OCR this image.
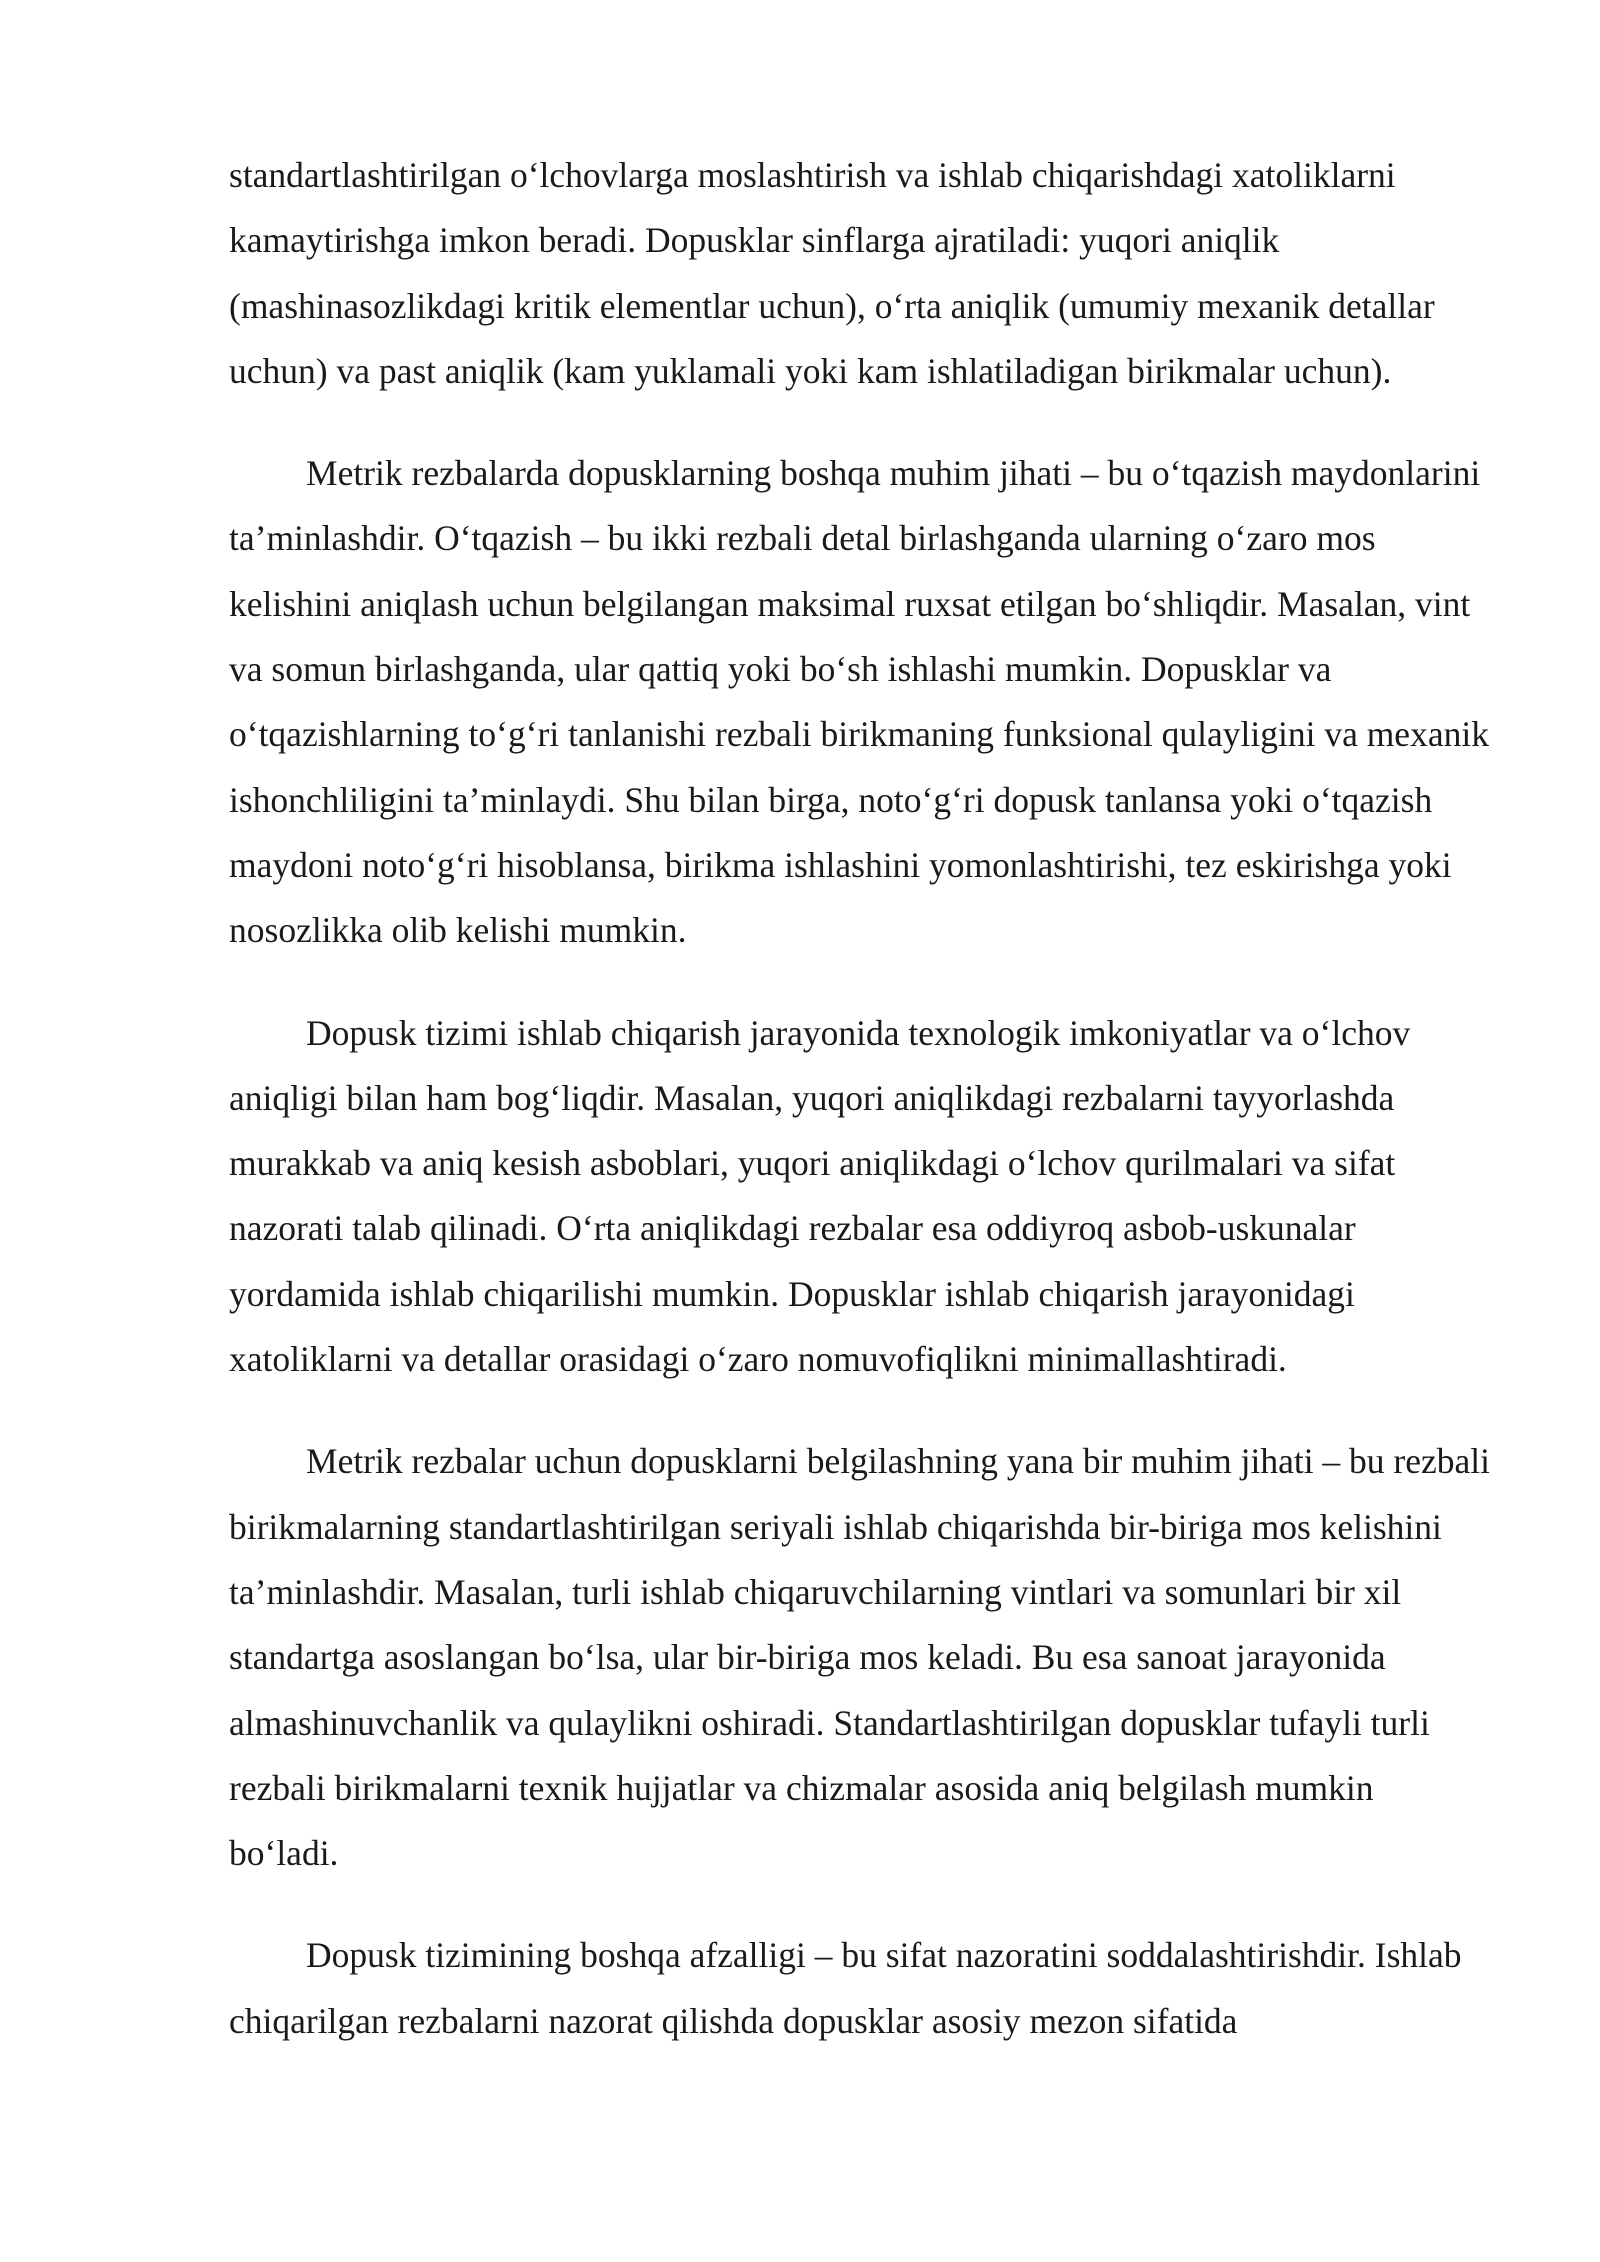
standartlashtirilgan o‘lchovlarga moslashtirish va ishlab chiqarishdagi xatoliklarni kamaytirishga imkon beradi. Dopusklar sinflarga ajratiladi: yuqori aniqlik (mashinasozlikdagi kritik elementlar uchun), o‘rta aniqlik (umumiy mexanik detallar uchun) va past aniqlik (kam yuklamali yoki kam ishlatiladigan birikmalar uchun).

Metrik rezbalarda dopusklarning boshqa muhim jihati – bu o‘tqazish maydonlarini ta’minlashdir. O‘tqazish – bu ikki rezbali detal birlashganda ularning o‘zaro mos kelishini aniqlash uchun belgilangan maksimal ruxsat etilgan bo‘shliqdir. Masalan, vint va somun birlashganda, ular qattiq yoki bo‘sh ishlashi mumkin. Dopusklar va o‘tqazishlarning to‘g‘ri tanlanishi rezbali birikmaning funksional qulayligini va mexanik ishonchliligini ta’minlaydi. Shu bilan birga, noto‘g‘ri dopusk tanlansa yoki o‘tqazish maydoni noto‘g‘ri hisoblansa, birikma ishlashini yomonlashtirishi, tez eskirishga yoki nosozlikka olib kelishi mumkin.

Dopusk tizimi ishlab chiqarish jarayonida texnologik imkoniyatlar va o‘lchov aniqligi bilan ham bog‘liqdir. Masalan, yuqori aniqlikdagi rezbalarni tayyorlashda murakkab va aniq kesish asboblari, yuqori aniqlikdagi o‘lchov qurilmalari va sifat nazorati talab qilinadi. O‘rta aniqlikdagi rezbalar esa oddiyroq asbob-uskunalar yordamida ishlab chiqarilishi mumkin. Dopusklar ishlab chiqarish jarayonidagi xatoliklarni va detallar orasidagi o‘zaro nomuvofiqlikni minimallashtiradi.

Metrik rezbalar uchun dopusklarni belgilashning yana bir muhim jihati – bu rezbali birikmalarning standartlashtirilgan seriyali ishlab chiqarishda bir-biriga mos kelishini ta’minlashdir. Masalan, turli ishlab chiqaruvchilarning vintlari va somunlari bir xil standartga asoslangan bo‘lsa, ular bir-biriga mos keladi. Bu esa sanoat jarayonida almashinuvchanlik va qulaylikni oshiradi. Standartlashtirilgan dopusklar tufayli turli rezbali birikmalarni texnik hujjatlar va chizmalar asosida aniq belgilash mumkin bo‘ladi.

Dopusk tizimining boshqa afzalligi – bu sifat nazoratini soddalashtirishdir. Ishlab chiqarilgan rezbalarni nazorat qilishda dopusklar asosiy mezon sifatida
